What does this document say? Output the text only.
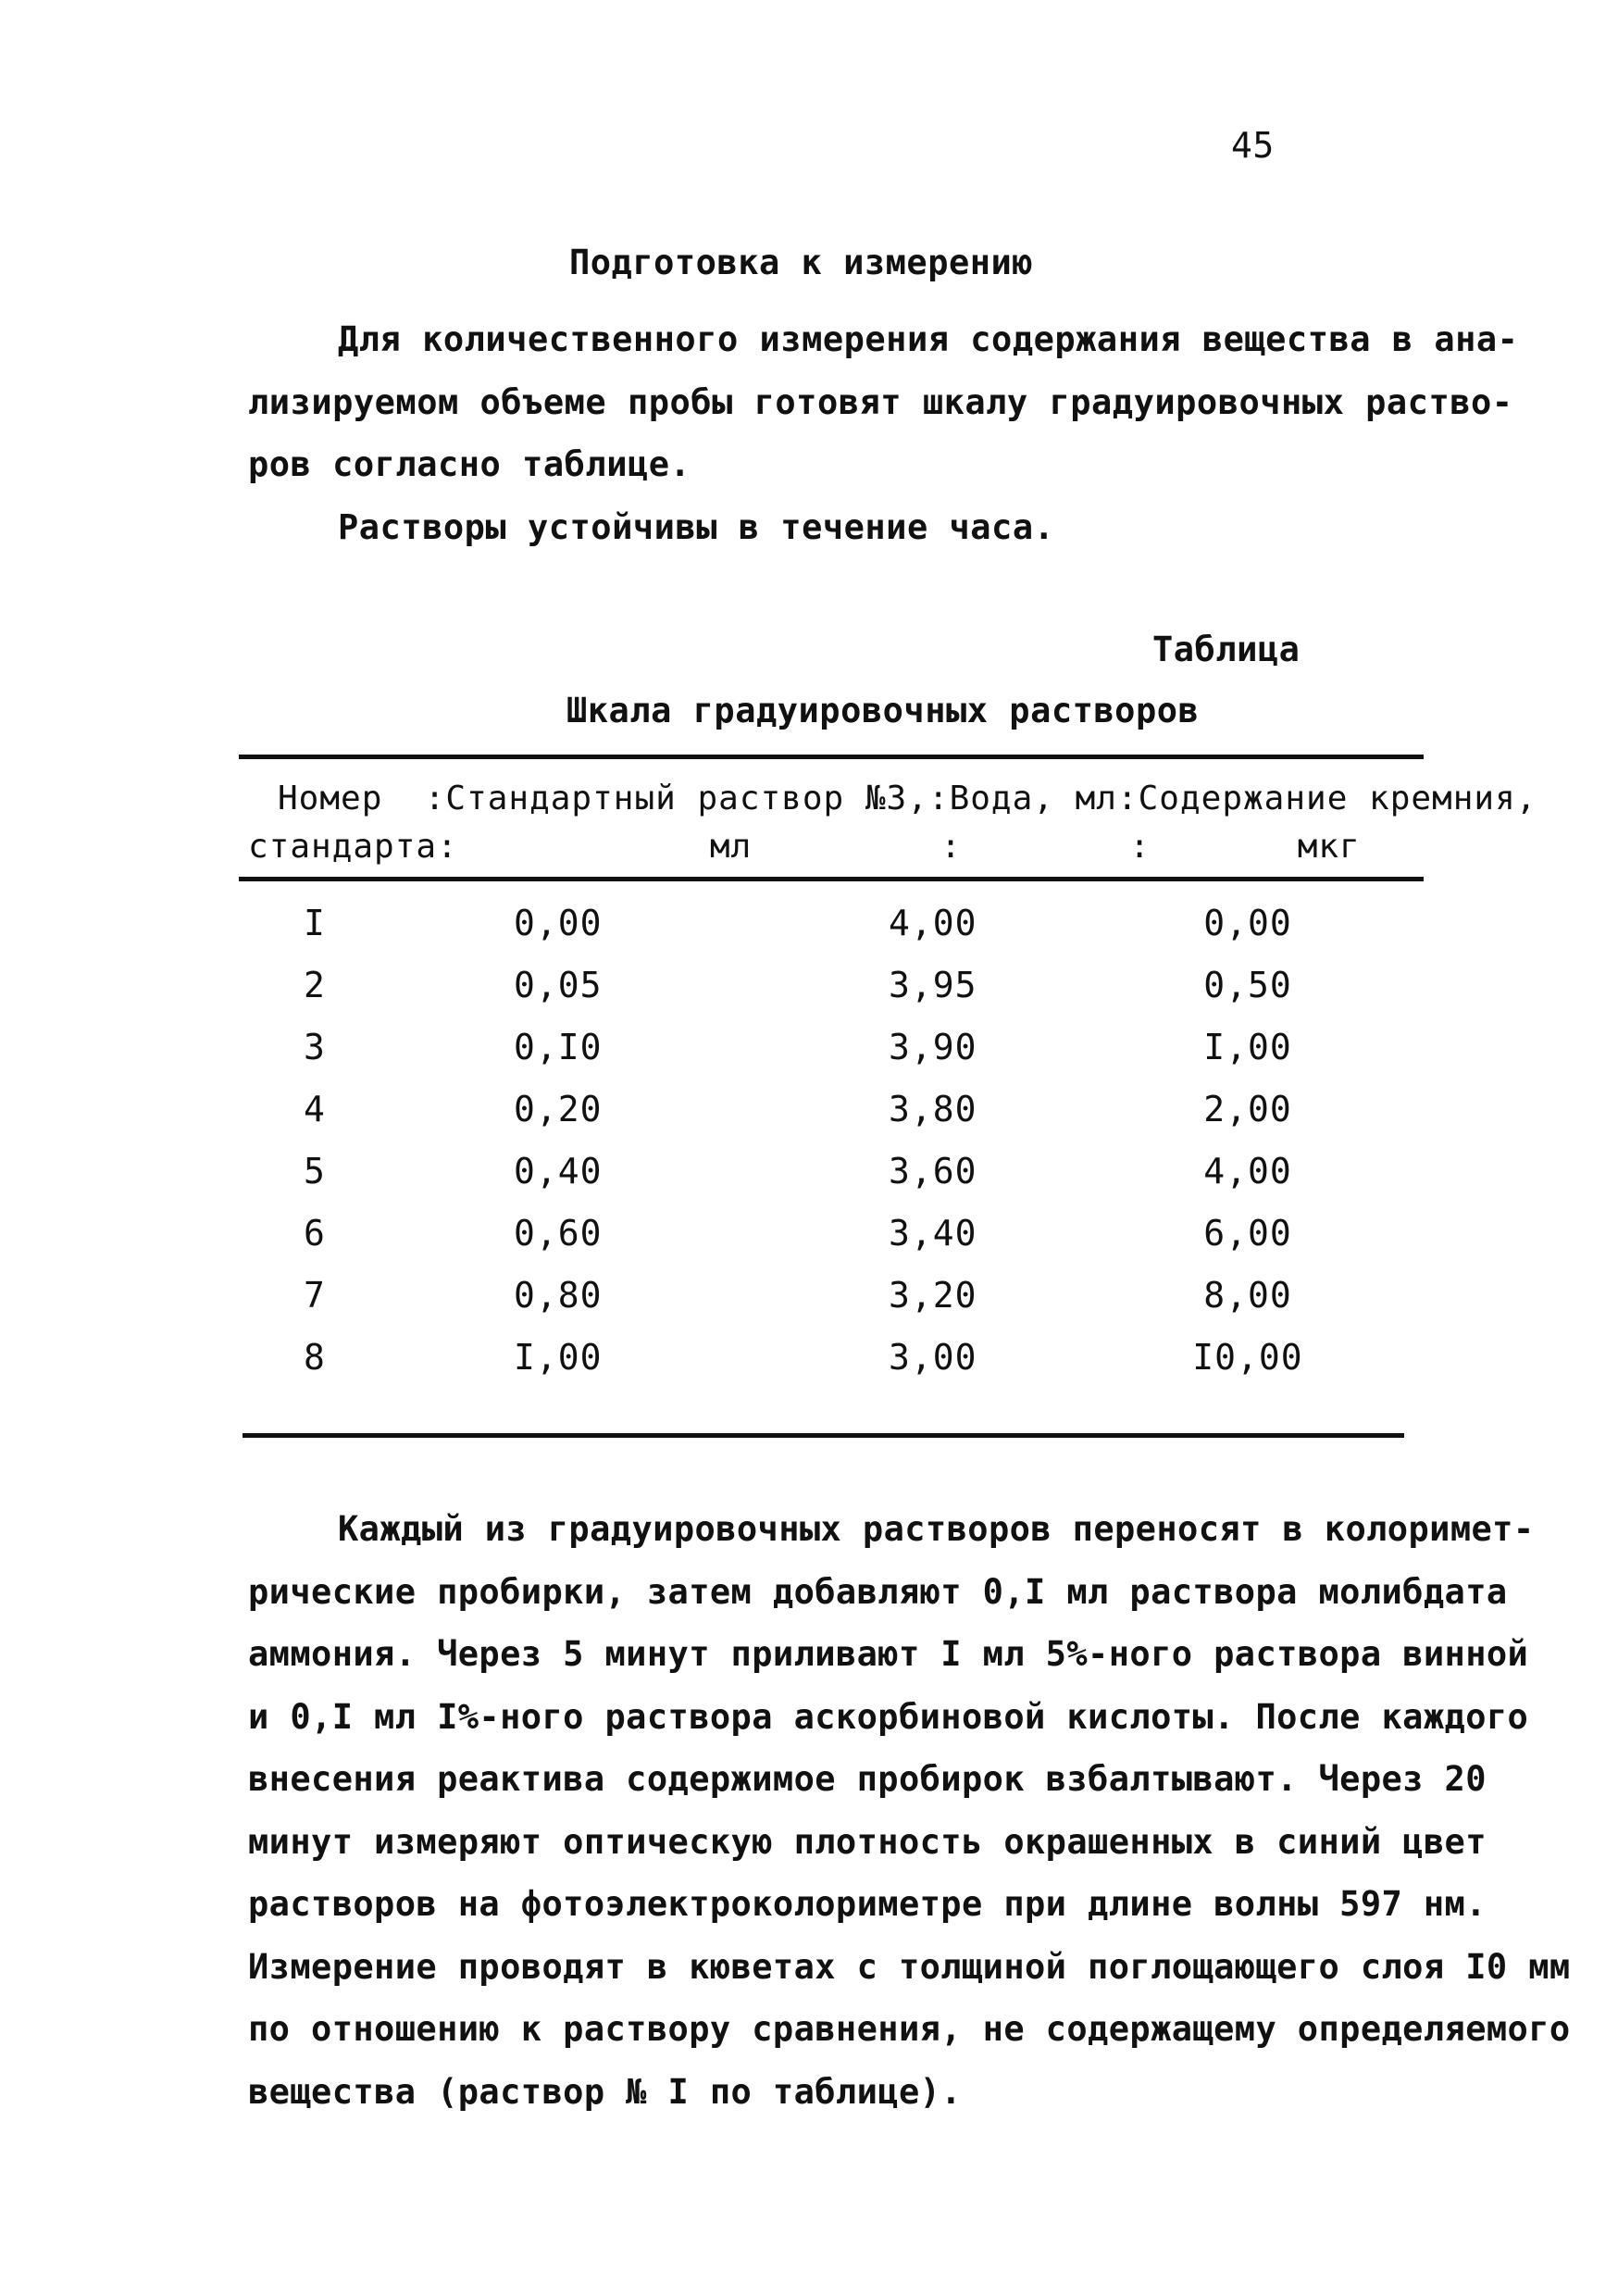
45
Подготовка к измерению
Для количественного измерения содержания вещества в ана-
лизируемом объеме пробы готовят шкалу градуировочных раство-
ров согласно таблице.
Растворы устойчивы в течение часа.
Таблица
Шкала градуировочных растворов
Номер  :Стандартный раствор №3,:Вода, мл:Содержание кремния,
стандарта:            мл         :        :       мкг
I	0,00	4,00	0,00
2	0,05	3,95	0,50
3	0,I0	3,90	I,00
4	0,20	3,80	2,00
5	0,40	3,60	4,00
6	0,60	3,40	6,00
7	0,80	3,20	8,00
8	I,00	3,00	I0,00
Каждый из градуировочных растворов переносят в колоримет-
рические пробирки, затем добавляют 0,I мл раствора молибдата
аммония. Через 5 минут приливают I мл 5%-ного раствора винной
и 0,I мл I%-ного раствора аскорбиновой кислоты. После каждого
внесения реактива содержимое пробирок взбалтывают. Через 20
минут измеряют оптическую плотность окрашенных в синий цвет
растворов на фотоэлектроколориметре при длине волны 597 нм.
Измерение проводят в кюветах с толщиной поглощающего слоя I0 мм
по отношению к раствору сравнения, не содержащему определяемого
вещества (раствор № I по таблице).
